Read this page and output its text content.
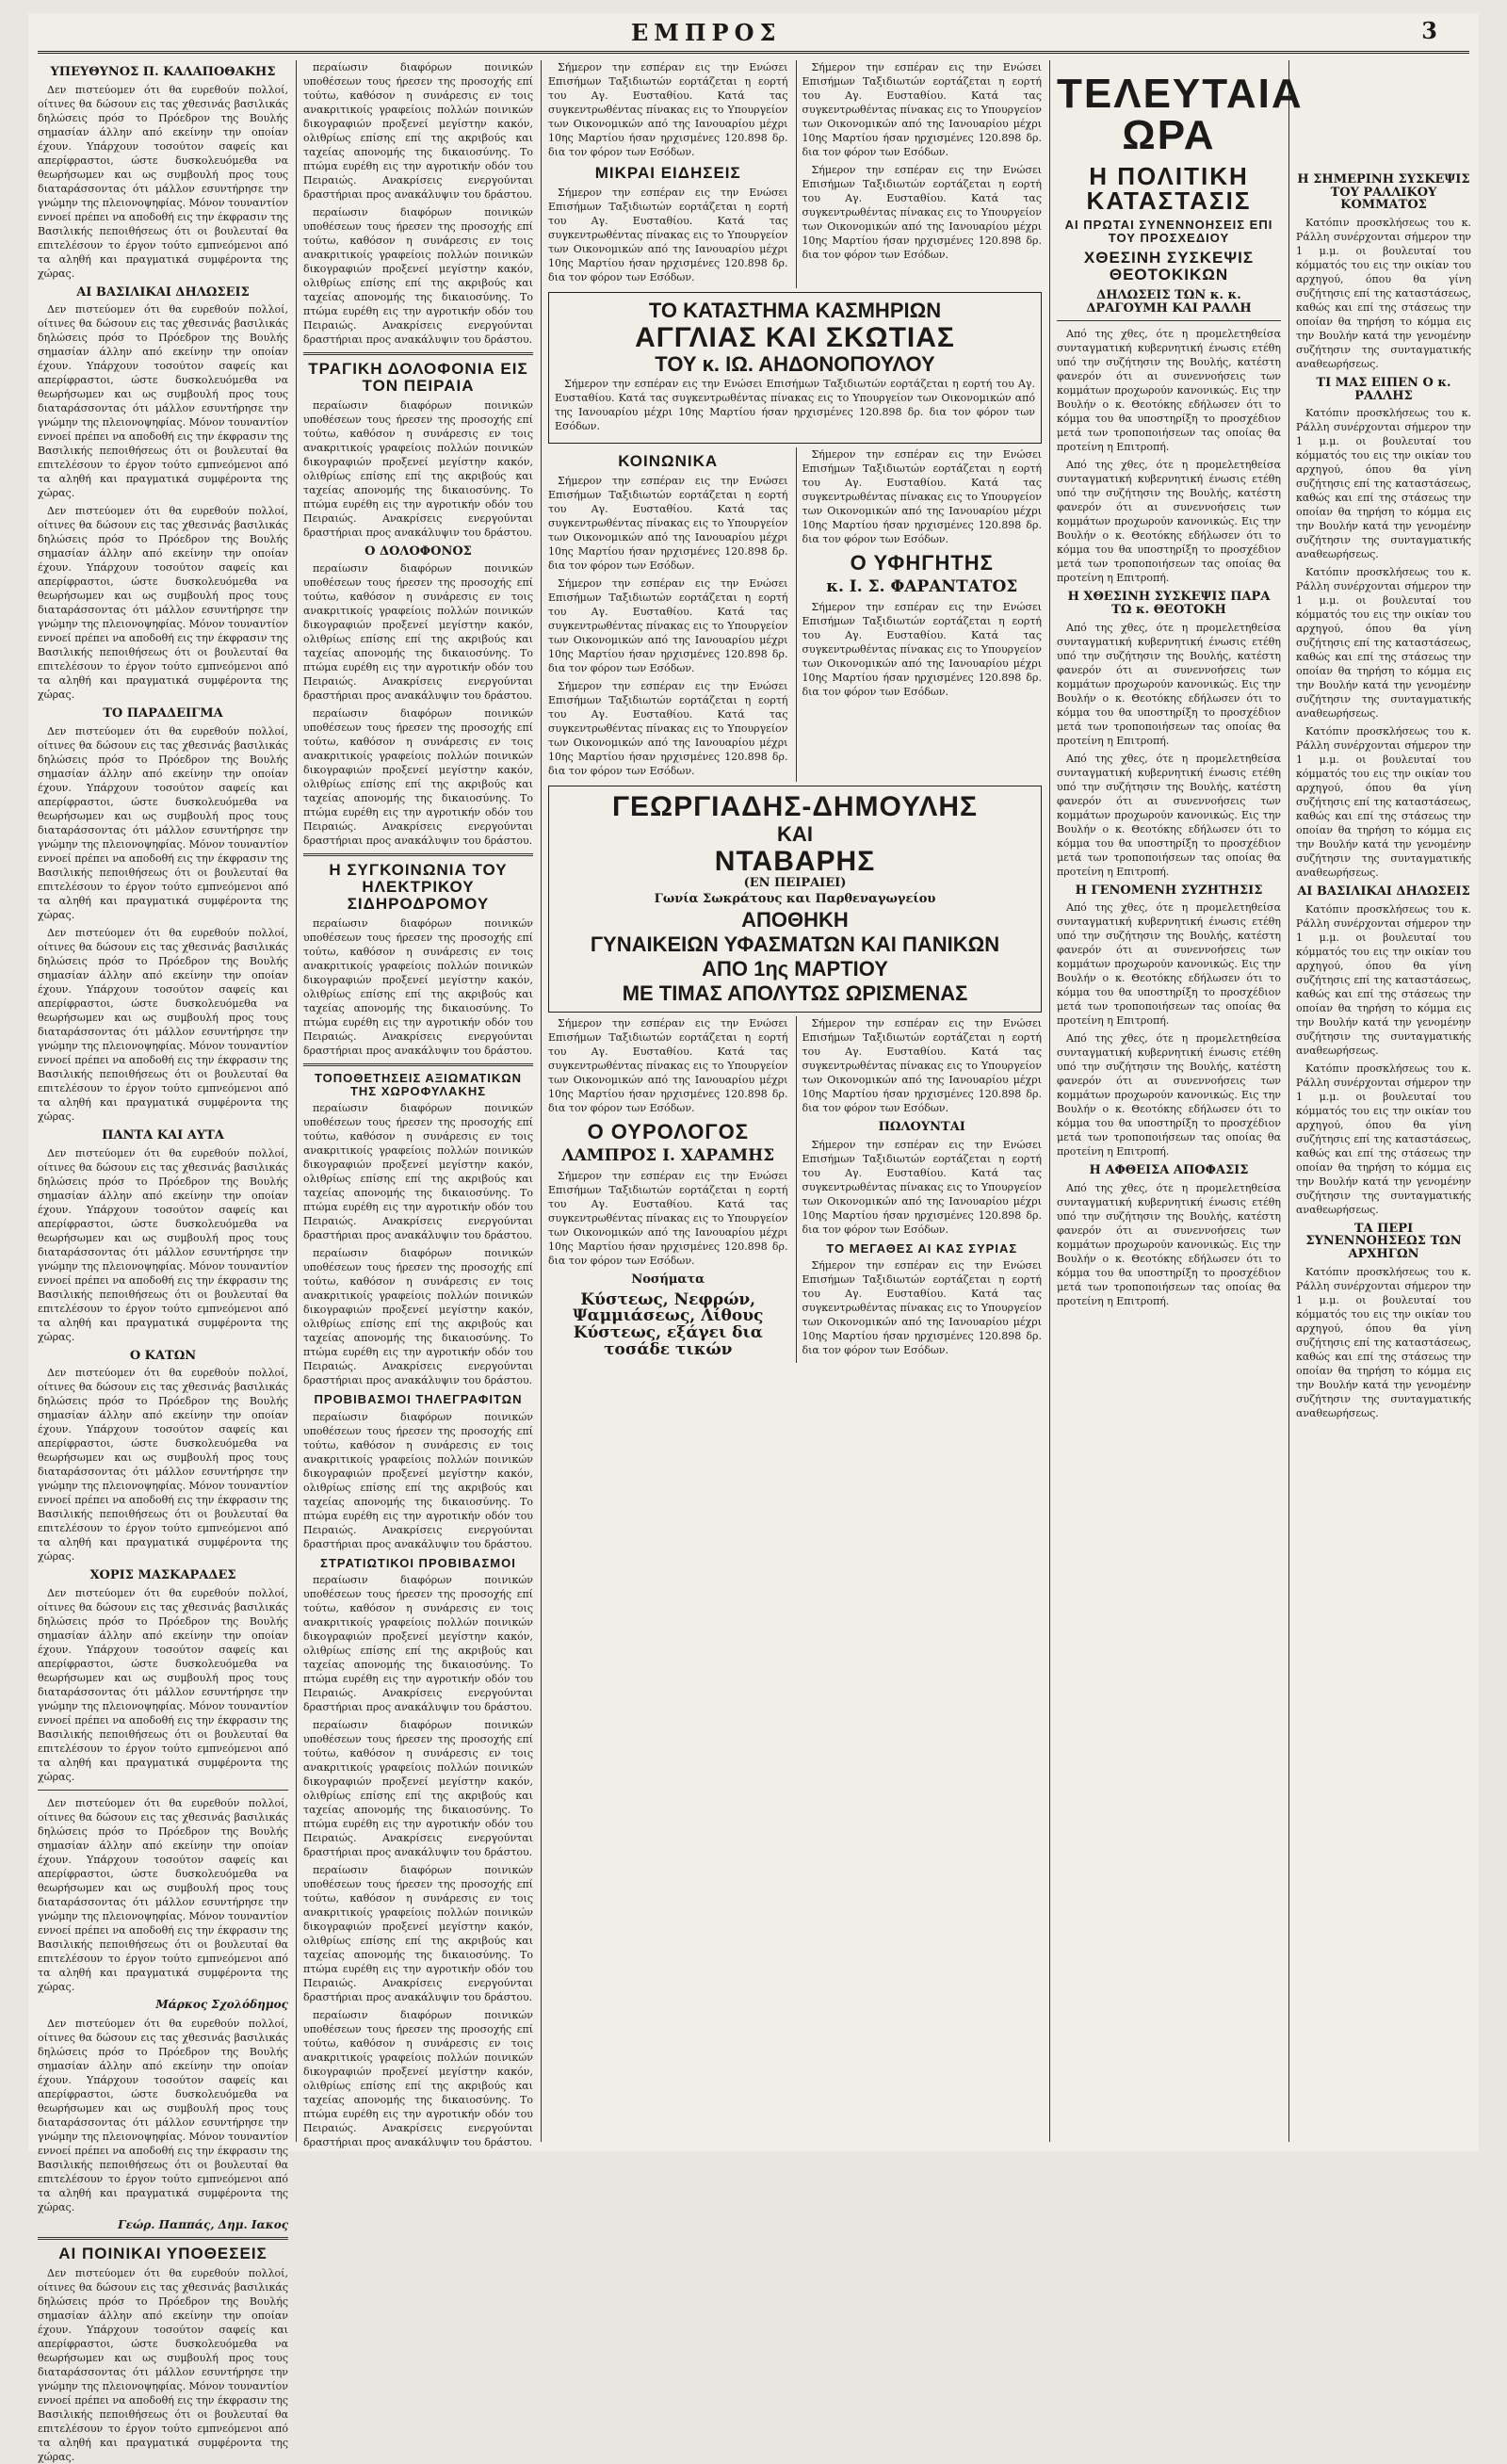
ΕΜΠΡΟΣ	3
ΥΠΕΥΘΥΝΟΣ Π. ΚΑΛΑΠΟΘΑΚΗΣ

Δεν πιστεύομεν ότι θα ευρεθούν πολλοί, οίτινες θα δώσουν εις τας χθεσινάς βασιλικάς δηλώσεις πρόσ το Πρόεδρον της Βουλής σημασίαν άλλην από εκείνην την οποίαν έχουν. Υπάρχουν τοσούτον σαφείς και απερίφραστοι, ώστε δυσκολευόμεθα να θεωρήσωμεν και ως συμβουλή προς τους διαταράσσοντας ότι μάλλον εσυντήρησε την γνώμην της πλειονοψηφίας. Μόνον τουναντίον εννοεί πρέπει να αποδοθή εις την έκφρασιν της Βασιλικής πεποιθήσεως ότι οι βουλευταί θα επιτελέσουν το έργον τούτο εμπνεόμενοι από τα αληθή και πραγματικά συμφέροντα της χώρας.

ΑΙ ΒΑΣΙΛΙΚΑΙ ΔΗΛΩΣΕΙΣ

Δεν πιστεύομεν ότι θα ευρεθούν πολλοί, οίτινες θα δώσουν εις τας χθεσινάς βασιλικάς δηλώσεις πρόσ το Πρόεδρον της Βουλής σημασίαν άλλην από εκείνην την οποίαν έχουν. Υπάρχουν τοσούτον σαφείς και απερίφραστοι, ώστε δυσκολευόμεθα να θεωρήσωμεν και ως συμβουλή προς τους διαταράσσοντας ότι μάλλον εσυντήρησε την γνώμην της πλειονοψηφίας. Μόνον τουναντίον εννοεί πρέπει να αποδοθή εις την έκφρασιν της Βασιλικής πεποιθήσεως ότι οι βουλευταί θα επιτελέσουν το έργον τούτο εμπνεόμενοι από τα αληθή και πραγματικά συμφέροντα της χώρας.

Δεν πιστεύομεν ότι θα ευρεθούν πολλοί, οίτινες θα δώσουν εις τας χθεσινάς βασιλικάς δηλώσεις πρόσ το Πρόεδρον της Βουλής σημασίαν άλλην από εκείνην την οποίαν έχουν. Υπάρχουν τοσούτον σαφείς και απερίφραστοι, ώστε δυσκολευόμεθα να θεωρήσωμεν και ως συμβουλή προς τους διαταράσσοντας ότι μάλλον εσυντήρησε την γνώμην της πλειονοψηφίας. Μόνον τουναντίον εννοεί πρέπει να αποδοθή εις την έκφρασιν της Βασιλικής πεποιθήσεως ότι οι βουλευταί θα επιτελέσουν το έργον τούτο εμπνεόμενοι από τα αληθή και πραγματικά συμφέροντα της χώρας.

ΤΟ ΠΑΡΑΔΕΙΓΜΑ

Δεν πιστεύομεν ότι θα ευρεθούν πολλοί, οίτινες θα δώσουν εις τας χθεσινάς βασιλικάς δηλώσεις πρόσ το Πρόεδρον της Βουλής σημασίαν άλλην από εκείνην την οποίαν έχουν. Υπάρχουν τοσούτον σαφείς και απερίφραστοι, ώστε δυσκολευόμεθα να θεωρήσωμεν και ως συμβουλή προς τους διαταράσσοντας ότι μάλλον εσυντήρησε την γνώμην της πλειονοψηφίας. Μόνον τουναντίον εννοεί πρέπει να αποδοθή εις την έκφρασιν της Βασιλικής πεποιθήσεως ότι οι βουλευταί θα επιτελέσουν το έργον τούτο εμπνεόμενοι από τα αληθή και πραγματικά συμφέροντα της χώρας.

Δεν πιστεύομεν ότι θα ευρεθούν πολλοί, οίτινες θα δώσουν εις τας χθεσινάς βασιλικάς δηλώσεις πρόσ το Πρόεδρον της Βουλής σημασίαν άλλην από εκείνην την οποίαν έχουν. Υπάρχουν τοσούτον σαφείς και απερίφραστοι, ώστε δυσκολευόμεθα να θεωρήσωμεν και ως συμβουλή προς τους διαταράσσοντας ότι μάλλον εσυντήρησε την γνώμην της πλειονοψηφίας. Μόνον τουναντίον εννοεί πρέπει να αποδοθή εις την έκφρασιν της Βασιλικής πεποιθήσεως ότι οι βουλευταί θα επιτελέσουν το έργον τούτο εμπνεόμενοι από τα αληθή και πραγματικά συμφέροντα της χώρας.

ΠΑΝΤΑ ΚΑΙ ΑΥΤΑ

Δεν πιστεύομεν ότι θα ευρεθούν πολλοί, οίτινες θα δώσουν εις τας χθεσινάς βασιλικάς δηλώσεις πρόσ το Πρόεδρον της Βουλής σημασίαν άλλην από εκείνην την οποίαν έχουν. Υπάρχουν τοσούτον σαφείς και απερίφραστοι, ώστε δυσκολευόμεθα να θεωρήσωμεν και ως συμβουλή προς τους διαταράσσοντας ότι μάλλον εσυντήρησε την γνώμην της πλειονοψηφίας. Μόνον τουναντίον εννοεί πρέπει να αποδοθή εις την έκφρασιν της Βασιλικής πεποιθήσεως ότι οι βουλευταί θα επιτελέσουν το έργον τούτο εμπνεόμενοι από τα αληθή και πραγματικά συμφέροντα της χώρας.

Ο ΚΑΤΩΝ

Δεν πιστεύομεν ότι θα ευρεθούν πολλοί, οίτινες θα δώσουν εις τας χθεσινάς βασιλικάς δηλώσεις πρόσ το Πρόεδρον της Βουλής σημασίαν άλλην από εκείνην την οποίαν έχουν. Υπάρχουν τοσούτον σαφείς και απερίφραστοι, ώστε δυσκολευόμεθα να θεωρήσωμεν και ως συμβουλή προς τους διαταράσσοντας ότι μάλλον εσυντήρησε την γνώμην της πλειονοψηφίας. Μόνον τουναντίον εννοεί πρέπει να αποδοθή εις την έκφρασιν της Βασιλικής πεποιθήσεως ότι οι βουλευταί θα επιτελέσουν το έργον τούτο εμπνεόμενοι από τα αληθή και πραγματικά συμφέροντα της χώρας.

ΧΟΡΙΣ ΜΑΣΚΑΡΑΔΕΣ

Δεν πιστεύομεν ότι θα ευρεθούν πολλοί, οίτινες θα δώσουν εις τας χθεσινάς βασιλικάς δηλώσεις πρόσ το Πρόεδρον της Βουλής σημασίαν άλλην από εκείνην την οποίαν έχουν. Υπάρχουν τοσούτον σαφείς και απερίφραστοι, ώστε δυσκολευόμεθα να θεωρήσωμεν και ως συμβουλή προς τους διαταράσσοντας ότι μάλλον εσυντήρησε την γνώμην της πλειονοψηφίας. Μόνον τουναντίον εννοεί πρέπει να αποδοθή εις την έκφρασιν της Βασιλικής πεποιθήσεως ότι οι βουλευταί θα επιτελέσουν το έργον τούτο εμπνεόμενοι από τα αληθή και πραγματικά συμφέροντα της χώρας.

Δεν πιστεύομεν ότι θα ευρεθούν πολλοί, οίτινες θα δώσουν εις τας χθεσινάς βασιλικάς δηλώσεις πρόσ το Πρόεδρον της Βουλής σημασίαν άλλην από εκείνην την οποίαν έχουν. Υπάρχουν τοσούτον σαφείς και απερίφραστοι, ώστε δυσκολευόμεθα να θεωρήσωμεν και ως συμβουλή προς τους διαταράσσοντας ότι μάλλον εσυντήρησε την γνώμην της πλειονοψηφίας. Μόνον τουναντίον εννοεί πρέπει να αποδοθή εις την έκφρασιν της Βασιλικής πεποιθήσεως ότι οι βουλευταί θα επιτελέσουν το έργον τούτο εμπνεόμενοι από τα αληθή και πραγματικά συμφέροντα της χώρας.

Μάρκος Σχολόδημος

Δεν πιστεύομεν ότι θα ευρεθούν πολλοί, οίτινες θα δώσουν εις τας χθεσινάς βασιλικάς δηλώσεις πρόσ το Πρόεδρον της Βουλής σημασίαν άλλην από εκείνην την οποίαν έχουν. Υπάρχουν τοσούτον σαφείς και απερίφραστοι, ώστε δυσκολευόμεθα να θεωρήσωμεν και ως συμβουλή προς τους διαταράσσοντας ότι μάλλον εσυντήρησε την γνώμην της πλειονοψηφίας. Μόνον τουναντίον εννοεί πρέπει να αποδοθή εις την έκφρασιν της Βασιλικής πεποιθήσεως ότι οι βουλευταί θα επιτελέσουν το έργον τούτο εμπνεόμενοι από τα αληθή και πραγματικά συμφέροντα της χώρας.

Γεώρ. Παππάς, Δημ. Ιακος
ΑΙ ΠΟΙΝΙΚΑΙ ΥΠΟΘΕΣΕΙΣ

Δεν πιστεύομεν ότι θα ευρεθούν πολλοί, οίτινες θα δώσουν εις τας χθεσινάς βασιλικάς δηλώσεις πρόσ το Πρόεδρον της Βουλής σημασίαν άλλην από εκείνην την οποίαν έχουν. Υπάρχουν τοσούτον σαφείς και απερίφραστοι, ώστε δυσκολευόμεθα να θεωρήσωμεν και ως συμβουλή προς τους διαταράσσοντας ότι μάλλον εσυντήρησε την γνώμην της πλειονοψηφίας. Μόνον τουναντίον εννοεί πρέπει να αποδοθή εις την έκφρασιν της Βασιλικής πεποιθήσεως ότι οι βουλευταί θα επιτελέσουν το έργον τούτο εμπνεόμενοι από τα αληθή και πραγματικά συμφέροντα της χώρας.

περαίωσιν διαφόρων ποινικών υποθέσεων τους ήρεσεν της προσοχής επί τούτω, καθόσον η συνάρεσις εν τοις ανακριτικοίς γραφείοις πολλών ποινικών δικογραφιών προξενεί μεγίστην κακόν, ολιθρίως επίσης επί της ακριβούς και ταχείας απονομής της δικαιοσύνης. Το πτώμα ευρέθη εις την αγροτικήν οδόν του Πειραιώς. Ανακρίσεις ενεργούνται δραστήριαι προς ανακάλυψιν του δράστου.

περαίωσιν διαφόρων ποινικών υποθέσεων τους ήρεσεν της προσοχής επί τούτω, καθόσον η συνάρεσις εν τοις ανακριτικοίς γραφείοις πολλών ποινικών δικογραφιών προξενεί μεγίστην κακόν, ολιθρίως επίσης επί της ακριβούς και ταχείας απονομής της δικαιοσύνης. Το πτώμα ευρέθη εις την αγροτικήν οδόν του Πειραιώς. Ανακρίσεις ενεργούνται δραστήριαι προς ανακάλυψιν του δράστου.

ΤΡΑΓΙΚΗ ΔΟΛΟΦΟΝΙΑ ΕΙΣ ΤΟΝ ΠΕΙΡΑΙΑ

περαίωσιν διαφόρων ποινικών υποθέσεων τους ήρεσεν της προσοχής επί τούτω, καθόσον η συνάρεσις εν τοις ανακριτικοίς γραφείοις πολλών ποινικών δικογραφιών προξενεί μεγίστην κακόν, ολιθρίως επίσης επί της ακριβούς και ταχείας απονομής της δικαιοσύνης. Το πτώμα ευρέθη εις την αγροτικήν οδόν του Πειραιώς. Ανακρίσεις ενεργούνται δραστήριαι προς ανακάλυψιν του δράστου.

Ο ΔΟΛΟΦΟΝΟΣ

περαίωσιν διαφόρων ποινικών υποθέσεων τους ήρεσεν της προσοχής επί τούτω, καθόσον η συνάρεσις εν τοις ανακριτικοίς γραφείοις πολλών ποινικών δικογραφιών προξενεί μεγίστην κακόν, ολιθρίως επίσης επί της ακριβούς και ταχείας απονομής της δικαιοσύνης. Το πτώμα ευρέθη εις την αγροτικήν οδόν του Πειραιώς. Ανακρίσεις ενεργούνται δραστήριαι προς ανακάλυψιν του δράστου.

περαίωσιν διαφόρων ποινικών υποθέσεων τους ήρεσεν της προσοχής επί τούτω, καθόσον η συνάρεσις εν τοις ανακριτικοίς γραφείοις πολλών ποινικών δικογραφιών προξενεί μεγίστην κακόν, ολιθρίως επίσης επί της ακριβούς και ταχείας απονομής της δικαιοσύνης. Το πτώμα ευρέθη εις την αγροτικήν οδόν του Πειραιώς. Ανακρίσεις ενεργούνται δραστήριαι προς ανακάλυψιν του δράστου.

Η ΣΥΓΚΟΙΝΩΝΙΑ ΤΟΥ ΗΛΕΚΤΡΙΚΟΥ ΣΙΔΗΡΟΔΡΟΜΟΥ

περαίωσιν διαφόρων ποινικών υποθέσεων τους ήρεσεν της προσοχής επί τούτω, καθόσον η συνάρεσις εν τοις ανακριτικοίς γραφείοις πολλών ποινικών δικογραφιών προξενεί μεγίστην κακόν, ολιθρίως επίσης επί της ακριβούς και ταχείας απονομής της δικαιοσύνης. Το πτώμα ευρέθη εις την αγροτικήν οδόν του Πειραιώς. Ανακρίσεις ενεργούνται δραστήριαι προς ανακάλυψιν του δράστου.

ΤΟΠΟΘΕΤΗΣΕΙΣ ΑΞΙΩΜΑΤΙΚΩΝ ΤΗΣ ΧΩΡΟΦΥΛΑΚΗΣ

περαίωσιν διαφόρων ποινικών υποθέσεων τους ήρεσεν της προσοχής επί τούτω, καθόσον η συνάρεσις εν τοις ανακριτικοίς γραφείοις πολλών ποινικών δικογραφιών προξενεί μεγίστην κακόν, ολιθρίως επίσης επί της ακριβούς και ταχείας απονομής της δικαιοσύνης. Το πτώμα ευρέθη εις την αγροτικήν οδόν του Πειραιώς. Ανακρίσεις ενεργούνται δραστήριαι προς ανακάλυψιν του δράστου.

περαίωσιν διαφόρων ποινικών υποθέσεων τους ήρεσεν της προσοχής επί τούτω, καθόσον η συνάρεσις εν τοις ανακριτικοίς γραφείοις πολλών ποινικών δικογραφιών προξενεί μεγίστην κακόν, ολιθρίως επίσης επί της ακριβούς και ταχείας απονομής της δικαιοσύνης. Το πτώμα ευρέθη εις την αγροτικήν οδόν του Πειραιώς. Ανακρίσεις ενεργούνται δραστήριαι προς ανακάλυψιν του δράστου.

ΠΡΟΒΙΒΑΣΜΟΙ ΤΗΛΕΓΡΑΦΙΤΩΝ

περαίωσιν διαφόρων ποινικών υποθέσεων τους ήρεσεν της προσοχής επί τούτω, καθόσον η συνάρεσις εν τοις ανακριτικοίς γραφείοις πολλών ποινικών δικογραφιών προξενεί μεγίστην κακόν, ολιθρίως επίσης επί της ακριβούς και ταχείας απονομής της δικαιοσύνης. Το πτώμα ευρέθη εις την αγροτικήν οδόν του Πειραιώς. Ανακρίσεις ενεργούνται δραστήριαι προς ανακάλυψιν του δράστου.

ΣΤΡΑΤΙΩΤΙΚΟΙ ΠΡΟΒΙΒΑΣΜΟΙ

περαίωσιν διαφόρων ποινικών υποθέσεων τους ήρεσεν της προσοχής επί τούτω, καθόσον η συνάρεσις εν τοις ανακριτικοίς γραφείοις πολλών ποινικών δικογραφιών προξενεί μεγίστην κακόν, ολιθρίως επίσης επί της ακριβούς και ταχείας απονομής της δικαιοσύνης. Το πτώμα ευρέθη εις την αγροτικήν οδόν του Πειραιώς. Ανακρίσεις ενεργούνται δραστήριαι προς ανακάλυψιν του δράστου.

περαίωσιν διαφόρων ποινικών υποθέσεων τους ήρεσεν της προσοχής επί τούτω, καθόσον η συνάρεσις εν τοις ανακριτικοίς γραφείοις πολλών ποινικών δικογραφιών προξενεί μεγίστην κακόν, ολιθρίως επίσης επί της ακριβούς και ταχείας απονομής της δικαιοσύνης. Το πτώμα ευρέθη εις την αγροτικήν οδόν του Πειραιώς. Ανακρίσεις ενεργούνται δραστήριαι προς ανακάλυψιν του δράστου.

περαίωσιν διαφόρων ποινικών υποθέσεων τους ήρεσεν της προσοχής επί τούτω, καθόσον η συνάρεσις εν τοις ανακριτικοίς γραφείοις πολλών ποινικών δικογραφιών προξενεί μεγίστην κακόν, ολιθρίως επίσης επί της ακριβούς και ταχείας απονομής της δικαιοσύνης. Το πτώμα ευρέθη εις την αγροτικήν οδόν του Πειραιώς. Ανακρίσεις ενεργούνται δραστήριαι προς ανακάλυψιν του δράστου.

περαίωσιν διαφόρων ποινικών υποθέσεων τους ήρεσεν της προσοχής επί τούτω, καθόσον η συνάρεσις εν τοις ανακριτικοίς γραφείοις πολλών ποινικών δικογραφιών προξενεί μεγίστην κακόν, ολιθρίως επίσης επί της ακριβούς και ταχείας απονομής της δικαιοσύνης. Το πτώμα ευρέθη εις την αγροτικήν οδόν του Πειραιώς. Ανακρίσεις ενεργούνται δραστήριαι προς ανακάλυψιν του δράστου.

Σήμερον την εσπέραν εις την Ενώσει Επισήμων Ταξιδιωτών εορτάζεται η εορτή του Αγ. Ευσταθίου. Κατά τας συγκεντρωθέντας πίνακας εις το Υπουργείον των Οικονομικών από της Ιανουαρίου μέχρι 10ης Μαρτίου ήσαν ηρχισμένες 120.898 δρ. δια τον φόρον των Εσόδων.

ΜΙΚΡΑΙ ΕΙΔΗΣΕΙΣ

Σήμερον την εσπέραν εις την Ενώσει Επισήμων Ταξιδιωτών εορτάζεται η εορτή του Αγ. Ευσταθίου. Κατά τας συγκεντρωθέντας πίνακας εις το Υπουργείον των Οικονομικών από της Ιανουαρίου μέχρι 10ης Μαρτίου ήσαν ηρχισμένες 120.898 δρ. δια τον φόρον των Εσόδων.

Σήμερον την εσπέραν εις την Ενώσει Επισήμων Ταξιδιωτών εορτάζεται η εορτή του Αγ. Ευσταθίου. Κατά τας συγκεντρωθέντας πίνακας εις το Υπουργείον των Οικονομικών από της Ιανουαρίου μέχρι 10ης Μαρτίου ήσαν ηρχισμένες 120.898 δρ. δια τον φόρον των Εσόδων.

Σήμερον την εσπέραν εις την Ενώσει Επισήμων Ταξιδιωτών εορτάζεται η εορτή του Αγ. Ευσταθίου. Κατά τας συγκεντρωθέντας πίνακας εις το Υπουργείον των Οικονομικών από της Ιανουαρίου μέχρι 10ης Μαρτίου ήσαν ηρχισμένες 120.898 δρ. δια τον φόρον των Εσόδων.

ΤΟ ΚΑΤΑΣΤΗΜΑ ΚΑΣΜΗΡΙΩΝ
ΑΓΓΛΙΑΣ ΚΑΙ ΣΚΩΤΙΑΣ
ΤΟΥ κ. ΙΩ. ΑΗΔΟΝΟΠΟΥΛΟΥ

Σήμερον την εσπέραν εις την Ενώσει Επισήμων Ταξιδιωτών εορτάζεται η εορτή του Αγ. Ευσταθίου. Κατά τας συγκεντρωθέντας πίνακας εις το Υπουργείον των Οικονομικών από της Ιανουαρίου μέχρι 10ης Μαρτίου ήσαν ηρχισμένες 120.898 δρ. δια τον φόρον των Εσόδων.

ΚΟΙΝΩΝΙΚΑ

Σήμερον την εσπέραν εις την Ενώσει Επισήμων Ταξιδιωτών εορτάζεται η εορτή του Αγ. Ευσταθίου. Κατά τας συγκεντρωθέντας πίνακας εις το Υπουργείον των Οικονομικών από της Ιανουαρίου μέχρι 10ης Μαρτίου ήσαν ηρχισμένες 120.898 δρ. δια τον φόρον των Εσόδων.

Σήμερον την εσπέραν εις την Ενώσει Επισήμων Ταξιδιωτών εορτάζεται η εορτή του Αγ. Ευσταθίου. Κατά τας συγκεντρωθέντας πίνακας εις το Υπουργείον των Οικονομικών από της Ιανουαρίου μέχρι 10ης Μαρτίου ήσαν ηρχισμένες 120.898 δρ. δια τον φόρον των Εσόδων.

Σήμερον την εσπέραν εις την Ενώσει Επισήμων Ταξιδιωτών εορτάζεται η εορτή του Αγ. Ευσταθίου. Κατά τας συγκεντρωθέντας πίνακας εις το Υπουργείον των Οικονομικών από της Ιανουαρίου μέχρι 10ης Μαρτίου ήσαν ηρχισμένες 120.898 δρ. δια τον φόρον των Εσόδων.

Σήμερον την εσπέραν εις την Ενώσει Επισήμων Ταξιδιωτών εορτάζεται η εορτή του Αγ. Ευσταθίου. Κατά τας συγκεντρωθέντας πίνακας εις το Υπουργείον των Οικονομικών από της Ιανουαρίου μέχρι 10ης Μαρτίου ήσαν ηρχισμένες 120.898 δρ. δια τον φόρον των Εσόδων.

Ο ΥΦΗΓΗΤΗΣ
κ. Ι. Σ. ΦΑΡΑΝΤΑΤΟΣ

Σήμερον την εσπέραν εις την Ενώσει Επισήμων Ταξιδιωτών εορτάζεται η εορτή του Αγ. Ευσταθίου. Κατά τας συγκεντρωθέντας πίνακας εις το Υπουργείον των Οικονομικών από της Ιανουαρίου μέχρι 10ης Μαρτίου ήσαν ηρχισμένες 120.898 δρ. δια τον φόρον των Εσόδων.

ΓΕΩΡΓΙΑΔΗΣ-ΔΗΜΟΥΛΗΣ
ΚΑΙ
ΝΤΑΒΑΡΗΣ
(ΕΝ ΠΕΙΡΑΙΕΙ)
Γωνία Σωκράτους και Παρθεναγωγείου
ΑΠΟΘΗΚΗ
ΓΥΝΑΙΚΕΙΩΝ ΥΦΑΣΜΑΤΩΝ ΚΑΙ ΠΑΝΙΚΩΝ
ΑΠΟ 1ης ΜΑΡΤΙΟΥ
ΜΕ ΤΙΜΑΣ ΑΠΟΛΥΤΩΣ ΩΡΙΣΜΕΝΑΣ

Σήμερον την εσπέραν εις την Ενώσει Επισήμων Ταξιδιωτών εορτάζεται η εορτή του Αγ. Ευσταθίου. Κατά τας συγκεντρωθέντας πίνακας εις το Υπουργείον των Οικονομικών από της Ιανουαρίου μέχρι 10ης Μαρτίου ήσαν ηρχισμένες 120.898 δρ. δια τον φόρον των Εσόδων.

Ο ΟΥΡΟΛΟΓΟΣ
ΛΑΜΠΡΟΣ Ι. ΧΑΡΑΜΗΣ

Σήμερον την εσπέραν εις την Ενώσει Επισήμων Ταξιδιωτών εορτάζεται η εορτή του Αγ. Ευσταθίου. Κατά τας συγκεντρωθέντας πίνακας εις το Υπουργείον των Οικονομικών από της Ιανουαρίου μέχρι 10ης Μαρτίου ήσαν ηρχισμένες 120.898 δρ. δια τον φόρον των Εσόδων.

Νοσήματα
Κύστεως, Νεφρών, Ψαμμιάσεως, Λίθους Κύστεως, εξάγει δια τοσάδε τικών

Σήμερον την εσπέραν εις την Ενώσει Επισήμων Ταξιδιωτών εορτάζεται η εορτή του Αγ. Ευσταθίου. Κατά τας συγκεντρωθέντας πίνακας εις το Υπουργείον των Οικονομικών από της Ιανουαρίου μέχρι 10ης Μαρτίου ήσαν ηρχισμένες 120.898 δρ. δια τον φόρον των Εσόδων.

ΠΩΛΟΥΝΤΑΙ

Σήμερον την εσπέραν εις την Ενώσει Επισήμων Ταξιδιωτών εορτάζεται η εορτή του Αγ. Ευσταθίου. Κατά τας συγκεντρωθέντας πίνακας εις το Υπουργείον των Οικονομικών από της Ιανουαρίου μέχρι 10ης Μαρτίου ήσαν ηρχισμένες 120.898 δρ. δια τον φόρον των Εσόδων.

ΤΟ ΜΕΓΑΘΕΣ ΑΙ ΚΑΣ ΣΥΡΙΑΣ

Σήμερον την εσπέραν εις την Ενώσει Επισήμων Ταξιδιωτών εορτάζεται η εορτή του Αγ. Ευσταθίου. Κατά τας συγκεντρωθέντας πίνακας εις το Υπουργείον των Οικονομικών από της Ιανουαρίου μέχρι 10ης Μαρτίου ήσαν ηρχισμένες 120.898 δρ. δια τον φόρον των Εσόδων.

ΤΕΛΕΥΤΑΙΑ ΩΡΑ
Η ΠΟΛΙΤΙΚΗ ΚΑΤΑΣΤΑΣΙΣ
ΑΙ ΠΡΩΤΑΙ ΣΥΝΕΝΝΟΗΣΕΙΣ ΕΠΙ ΤΟΥ ΠΡΟΣΧΕΔΙΟΥ
ΧΘΕΣΙΝΗ ΣΥΣΚΕΨΙΣ ΘΕΟΤΟΚΙΚΩΝ
ΔΗΛΩΣΕΙΣ ΤΩΝ κ. κ. ΔΡΑΓΟΥΜΗ ΚΑΙ ΡΑΛΛΗ

Από της χθες, ότε η προμελετηθείσα συνταγματική κυβερνητική ένωσις ετέθη υπό την συζήτησιν της Βουλής, κατέστη φανερόν ότι αι συνεννοήσεις των κομμάτων προχωρούν κανονικώς. Εις την Βουλήν ο κ. Θεοτόκης εδήλωσεν ότι το κόμμα του θα υποστηρίξη το προσχέδιον μετά των τροποποιήσεων τας οποίας θα προτείνη η Επιτροπή.

Από της χθες, ότε η προμελετηθείσα συνταγματική κυβερνητική ένωσις ετέθη υπό την συζήτησιν της Βουλής, κατέστη φανερόν ότι αι συνεννοήσεις των κομμάτων προχωρούν κανονικώς. Εις την Βουλήν ο κ. Θεοτόκης εδήλωσεν ότι το κόμμα του θα υποστηρίξη το προσχέδιον μετά των τροποποιήσεων τας οποίας θα προτείνη η Επιτροπή.

Η ΧΘΕΣΙΝΗ ΣΥΣΚΕΨΙΣ ΠΑΡΑ ΤΩ κ. ΘΕΟΤΟΚΗ

Από της χθες, ότε η προμελετηθείσα συνταγματική κυβερνητική ένωσις ετέθη υπό την συζήτησιν της Βουλής, κατέστη φανερόν ότι αι συνεννοήσεις των κομμάτων προχωρούν κανονικώς. Εις την Βουλήν ο κ. Θεοτόκης εδήλωσεν ότι το κόμμα του θα υποστηρίξη το προσχέδιον μετά των τροποποιήσεων τας οποίας θα προτείνη η Επιτροπή.

Από της χθες, ότε η προμελετηθείσα συνταγματική κυβερνητική ένωσις ετέθη υπό την συζήτησιν της Βουλής, κατέστη φανερόν ότι αι συνεννοήσεις των κομμάτων προχωρούν κανονικώς. Εις την Βουλήν ο κ. Θεοτόκης εδήλωσεν ότι το κόμμα του θα υποστηρίξη το προσχέδιον μετά των τροποποιήσεων τας οποίας θα προτείνη η Επιτροπή.

Η ΓΕΝΟΜΕΝΗ ΣΥΖΗΤΗΣΙΣ

Από της χθες, ότε η προμελετηθείσα συνταγματική κυβερνητική ένωσις ετέθη υπό την συζήτησιν της Βουλής, κατέστη φανερόν ότι αι συνεννοήσεις των κομμάτων προχωρούν κανονικώς. Εις την Βουλήν ο κ. Θεοτόκης εδήλωσεν ότι το κόμμα του θα υποστηρίξη το προσχέδιον μετά των τροποποιήσεων τας οποίας θα προτείνη η Επιτροπή.

Από της χθες, ότε η προμελετηθείσα συνταγματική κυβερνητική ένωσις ετέθη υπό την συζήτησιν της Βουλής, κατέστη φανερόν ότι αι συνεννοήσεις των κομμάτων προχωρούν κανονικώς. Εις την Βουλήν ο κ. Θεοτόκης εδήλωσεν ότι το κόμμα του θα υποστηρίξη το προσχέδιον μετά των τροποποιήσεων τας οποίας θα προτείνη η Επιτροπή.

Η ΑΦΘΕΙΣΑ ΑΠΟΦΑΣΙΣ

Από της χθες, ότε η προμελετηθείσα συνταγματική κυβερνητική ένωσις ετέθη υπό την συζήτησιν της Βουλής, κατέστη φανερόν ότι αι συνεννοήσεις των κομμάτων προχωρούν κανονικώς. Εις την Βουλήν ο κ. Θεοτόκης εδήλωσεν ότι το κόμμα του θα υποστηρίξη το προσχέδιον μετά των τροποποιήσεων τας οποίας θα προτείνη η Επιτροπή.

Η ΣΗΜΕΡΙΝΗ ΣΥΣΚΕΨΙΣ ΤΟΥ ΡΑΛΛΙΚΟΥ ΚΟΜΜΑΤΟΣ

Κατόπιν προσκλήσεως του κ. Ράλλη συνέρχονται σήμερον την 1 μ.μ. οι βουλευταί του κόμματός του εις την οικίαν του αρχηγού, όπου θα γίνη συζήτησις επί της καταστάσεως, καθώς και επί της στάσεως την οποίαν θα τηρήση το κόμμα εις την Βουλήν κατά την γενομένην συζήτησιν της συνταγματικής αναθεωρήσεως.

ΤΙ ΜΑΣ ΕΙΠΕΝ Ο κ. ΡΑΛΛΗΣ

Κατόπιν προσκλήσεως του κ. Ράλλη συνέρχονται σήμερον την 1 μ.μ. οι βουλευταί του κόμματός του εις την οικίαν του αρχηγού, όπου θα γίνη συζήτησις επί της καταστάσεως, καθώς και επί της στάσεως την οποίαν θα τηρήση το κόμμα εις την Βουλήν κατά την γενομένην συζήτησιν της συνταγματικής αναθεωρήσεως.

Κατόπιν προσκλήσεως του κ. Ράλλη συνέρχονται σήμερον την 1 μ.μ. οι βουλευταί του κόμματός του εις την οικίαν του αρχηγού, όπου θα γίνη συζήτησις επί της καταστάσεως, καθώς και επί της στάσεως την οποίαν θα τηρήση το κόμμα εις την Βουλήν κατά την γενομένην συζήτησιν της συνταγματικής αναθεωρήσεως.

Κατόπιν προσκλήσεως του κ. Ράλλη συνέρχονται σήμερον την 1 μ.μ. οι βουλευταί του κόμματός του εις την οικίαν του αρχηγού, όπου θα γίνη συζήτησις επί της καταστάσεως, καθώς και επί της στάσεως την οποίαν θα τηρήση το κόμμα εις την Βουλήν κατά την γενομένην συζήτησιν της συνταγματικής αναθεωρήσεως.

ΑΙ ΒΑΣΙΛΙΚΑΙ ΔΗΛΩΣΕΙΣ

Κατόπιν προσκλήσεως του κ. Ράλλη συνέρχονται σήμερον την 1 μ.μ. οι βουλευταί του κόμματός του εις την οικίαν του αρχηγού, όπου θα γίνη συζήτησις επί της καταστάσεως, καθώς και επί της στάσεως την οποίαν θα τηρήση το κόμμα εις την Βουλήν κατά την γενομένην συζήτησιν της συνταγματικής αναθεωρήσεως.

Κατόπιν προσκλήσεως του κ. Ράλλη συνέρχονται σήμερον την 1 μ.μ. οι βουλευταί του κόμματός του εις την οικίαν του αρχηγού, όπου θα γίνη συζήτησις επί της καταστάσεως, καθώς και επί της στάσεως την οποίαν θα τηρήση το κόμμα εις την Βουλήν κατά την γενομένην συζήτησιν της συνταγματικής αναθεωρήσεως.

ΤΑ ΠΕΡΙ ΣΥΝΕΝΝΟΗΣΕΩΣ ΤΩΝ ΑΡΧΗΓΩΝ

Κατόπιν προσκλήσεως του κ. Ράλλη συνέρχονται σήμερον την 1 μ.μ. οι βουλευταί του κόμματός του εις την οικίαν του αρχηγού, όπου θα γίνη συζήτησις επί της καταστάσεως, καθώς και επί της στάσεως την οποίαν θα τηρήση το κόμμα εις την Βουλήν κατά την γενομένην συζήτησιν της συνταγματικής αναθεωρήσεως.
